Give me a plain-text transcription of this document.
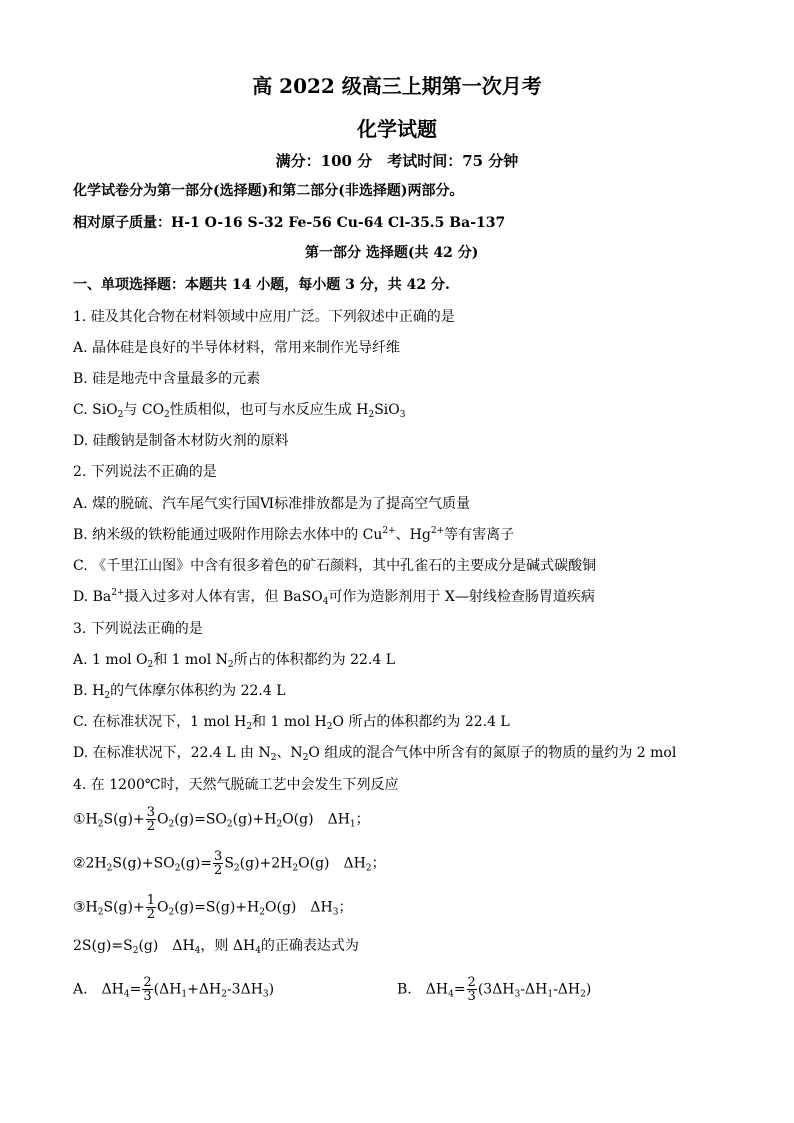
高 2022 级高三上期第一次月考
化学试题
满分：100 分　考试时间：75 分钟
化学试卷分为第一部分(选择题)和第二部分(非选择题)两部分。
相对原子质量：H-1 O-16 S-32 Fe-56 Cu-64 Cl-35.5 Ba-137
第一部分 选择题(共 42 分)
一、单项选择题：本题共 14 小题，每小题 3 分，共 42 分.
1. 硅及其化合物在材料领域中应用广泛。下列叙述中正确的是
A. 晶体硅是良好的半导体材料，常用来制作光导纤维
B. 硅是地壳中含量最多的元素
C. SiO$_2$与 $CO_2$性质相似，也可与水反应生成 $H_2SiO_3$
D. 硅酸钠是制备木材防火剂的原料
2. 下列说法不正确的是
A. 煤的脱硫、汽车尾气实行国Ⅵ标准排放都是为了提高空气质量
B. 纳米级的铁粉能通过吸附作用除去水体中的 $Cu^{2+}$、$Hg^{2+}$等有害离子
C. 《千里江山图》中含有很多着色的矿石颜料，其中孔雀石的主要成分是碱式碳酸铜
D. $Ba^{2+}$摄入过多对人体有害，但 BaSO$_4$可作为造影剂用于 X—射线检查肠胃道疾病
3. 下列说法正确的是
A. 1 mol $O_2$和 1 mol $N_2$所占的体积都约为 22.4 L
B. $H_2$的气体摩尔体积约为 22.4 L
C. 在标准状况下，1 mol $H_2$和 1 mol $H_2O$ 所占的体积都约为 22.4 L
D. 在标准状况下，22.4 L 由 $N_2$、$N_2O$ 组成的混合气体中所含有的氮原子的物质的量约为 2 mol
4. 在 1200℃时，天然气脱硫工艺中会发生下列反应
$①H_2S(g)+ \frac{3}{2} O_2(g)=SO_2(g)+H_2O(g)$ $\Delta H_1$；
$②2H_2S(g)+SO_2(g)= \frac{3}{2} S_2(g)+2H_2O(g)$ $\Delta H_2$；
$③H_2S(g)+ \frac{1}{2} O_2(g)=S(g)+H_2O(g)$ $\Delta H_3$；
$2S(g)=S_2(g)$ $\Delta H_4$，则 $\Delta H_4$的正确表达式为
A. $\Delta H_4= \frac{2}{3} (\Delta H_1+\Delta H_2-3\Delta H_3)$	B. $\Delta H_4= \frac{2}{3} (3\Delta H_3-\Delta H_1-\Delta H_2)$
